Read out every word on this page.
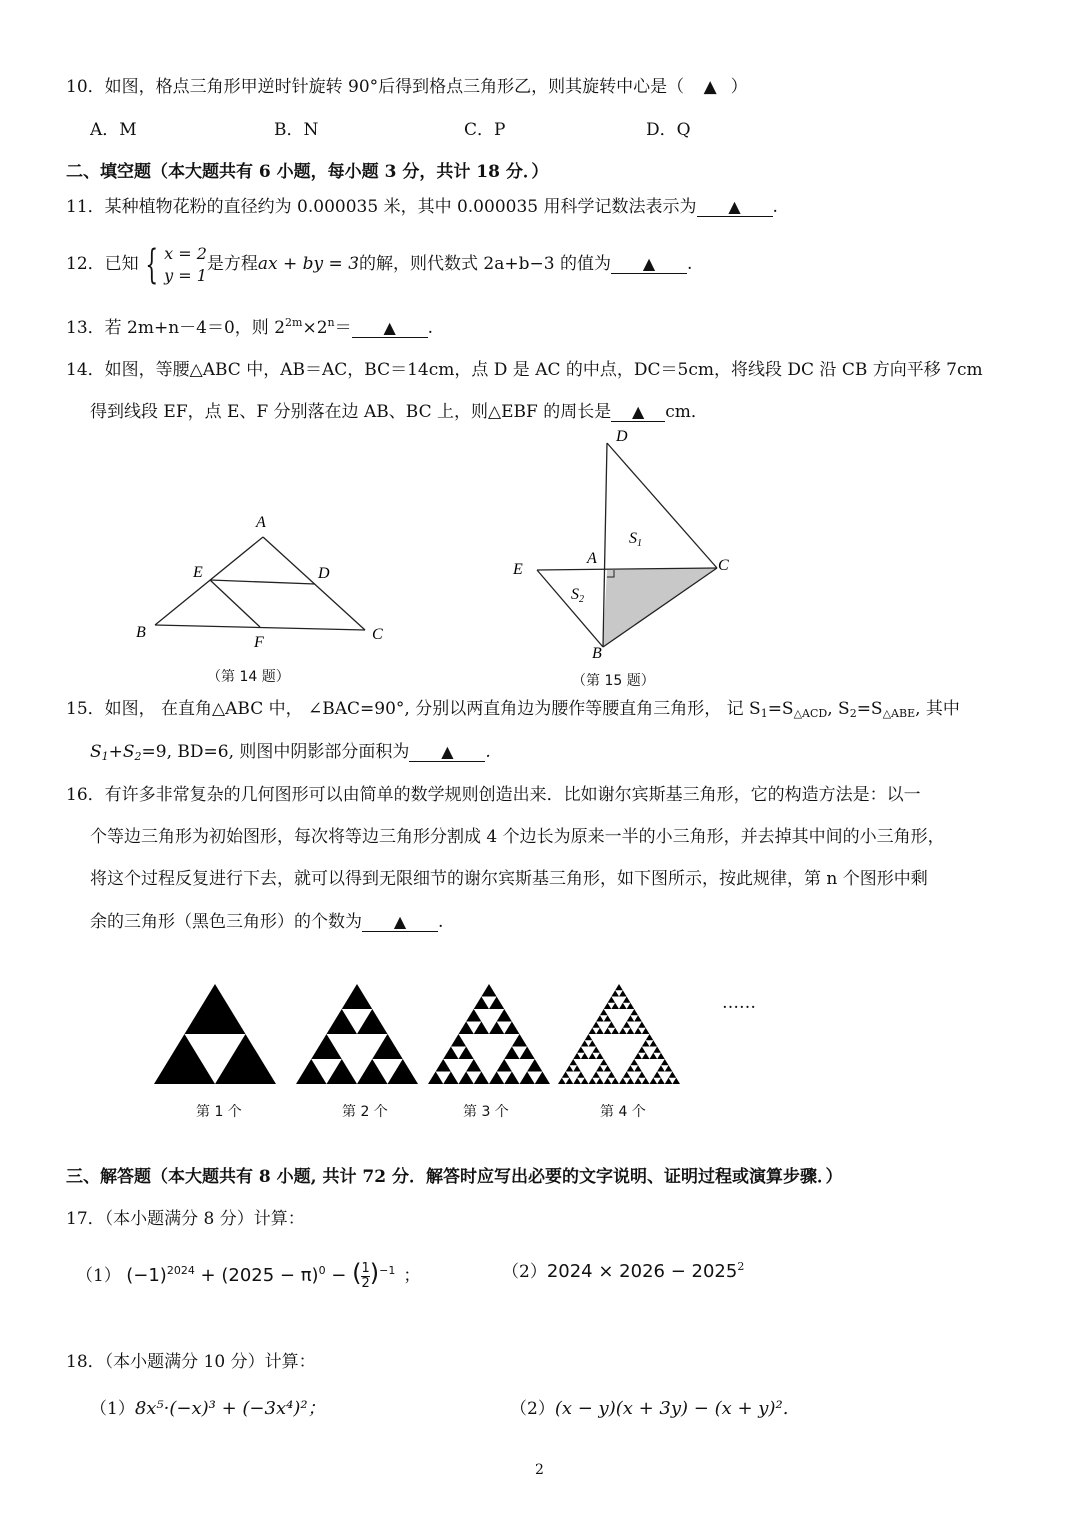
10．如图，格点三角形甲逆时针旋转 90°后得到格点三角形乙，则其旋转中心是（ ▲ ）
A．M	B．N	C．P	D．Q
二、填空题（本大题共有 6 小题，每小题 3 分，共计 18 分．）
11．某种植物花粉的直径约为 0.000035 米，其中 0.000035 用科学记数法表示为 ▲ .
12．已知 { x = 2
y = 1
是方程ax + by = 3的解，则代数式 2a+b−3 的值为 ▲ .
13．若 2m+n－4＝0，则 $2^{2m}\times 2^n=$ ▲ .
14．如图，等腰△ABC 中，AB＝AC，BC＝14cm，点 D 是 AC 的中点，DC＝5cm，将线段 DC 沿 CB 方向平移 7cm
得到线段 EF，点 E、F 分别落在边 AB、BC 上，则△EBF 的周长是 ▲ cm．
A
E	D
B
F	C
（第 14 题）
D
A
E	C
B
S1
S2
（第 15 题）
15．如图， 在直角△ABC 中， ∠BAC=90°, 分别以两直角边为腰作等腰直角三角形， 记 $S_1=S_{\triangle ACD}$, $S_2=S_{\triangle ABE}$, 其中
$S_1+S_2=9$, BD=6, 则图中阴影部分面积为 ▲ .
16．有许多非常复杂的几何图形可以由简单的数学规则创造出来．比如谢尔宾斯基三角形，它的构造方法是：以一
个等边三角形为初始图形，每次将等边三角形分割成 4 个边长为原来一半的小三角形，并去掉其中间的小三角形，
将这个过程反复进行下去，就可以得到无限细节的谢尔宾斯基三角形，如下图所示，按此规律，第 n 个图形中剩
余的三角形（黑色三角形）的个数为 ▲ .
……
第 1 个	第 2 个	第 3 个	第 4 个
三、解答题（本大题共有 8 小题, 共计 72 分．解答时应写出必要的文字说明、证明过程或演算步骤．）
17．（本小题满分 8 分）计算：
（1） $(-1)^{2024} + (2025 - \pi)^0$ − ( $\frac{1}{2} )^{-1}$ ；	$(2)2024 \times 2026 - 2025^2$
18．（本小题满分 10 分）计算：
（1）8x⁵·(−x)³ + (−3x⁴)²；	（2）(x − y)(x + 3y) − (x + y)².
2
